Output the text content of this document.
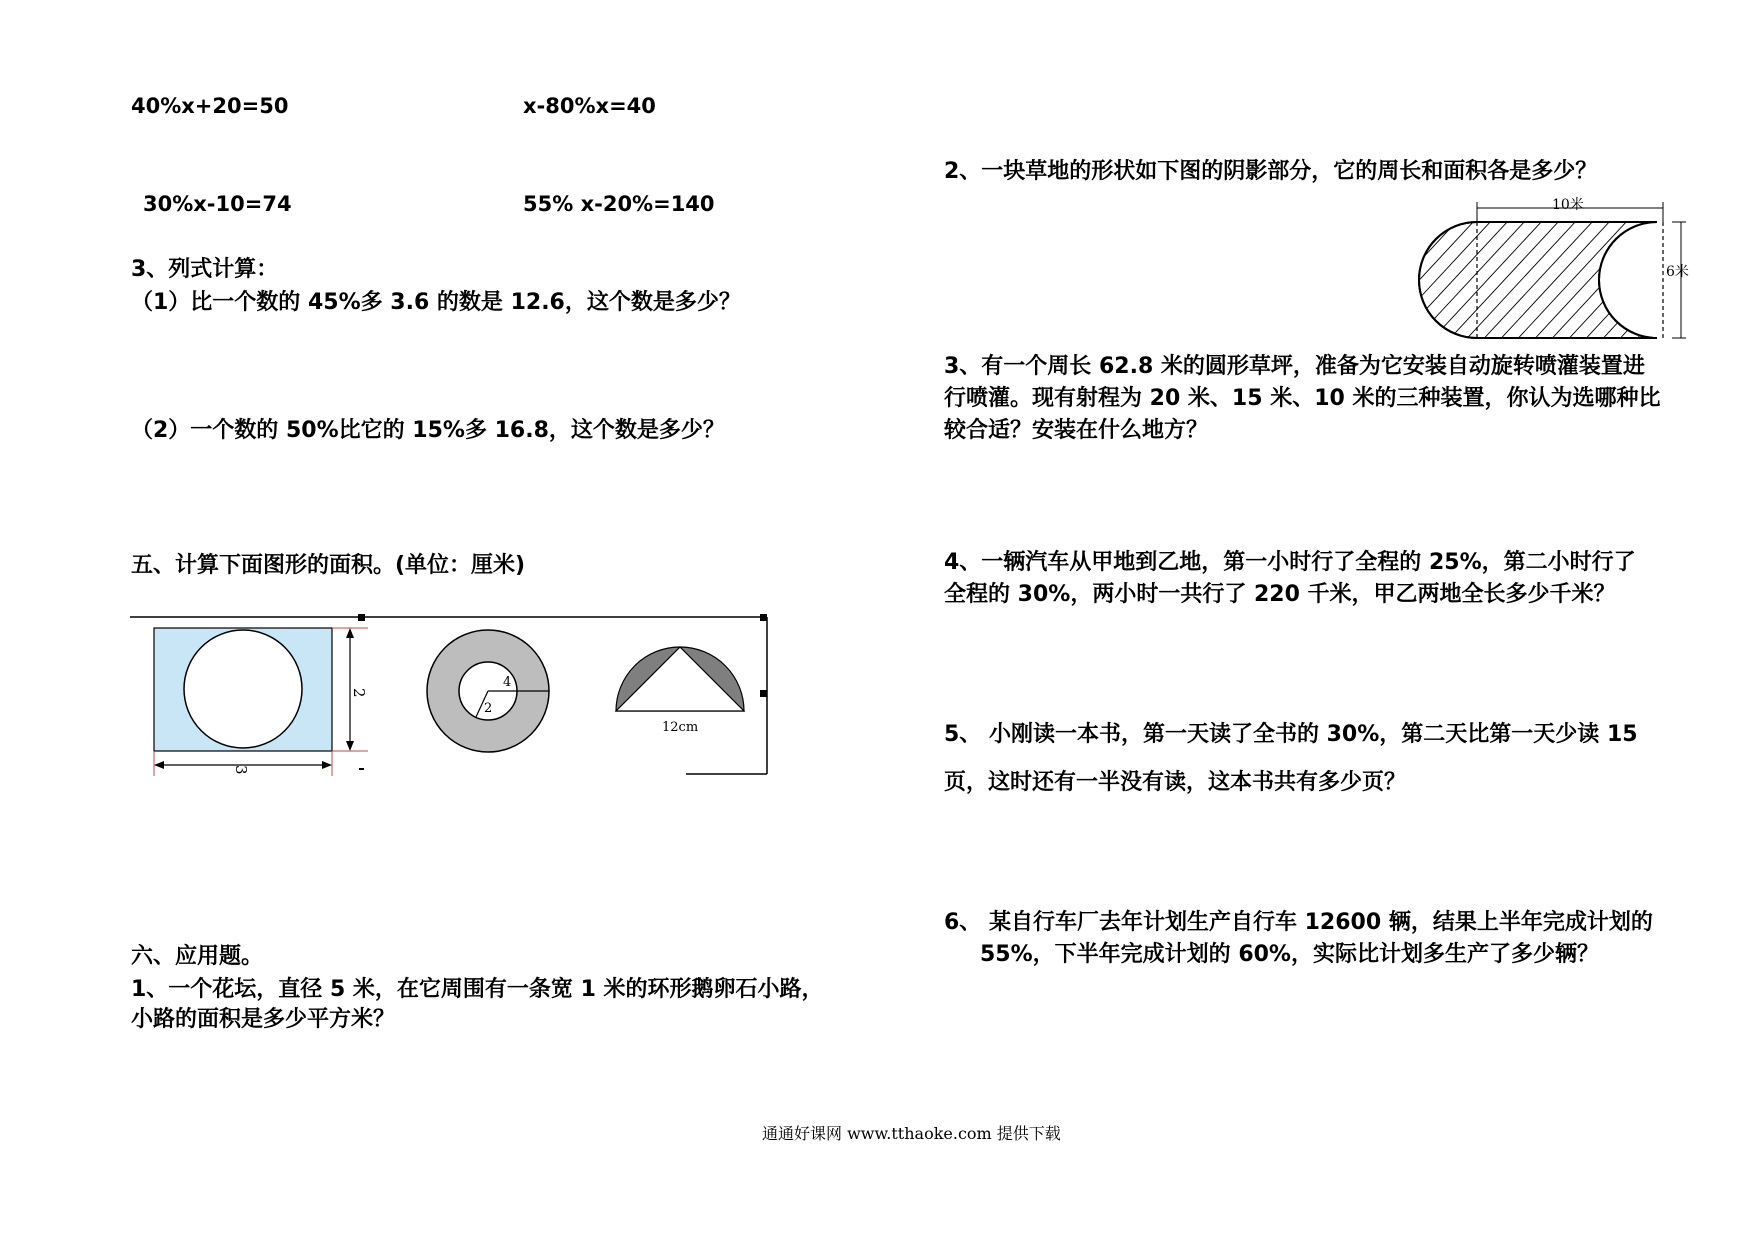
40%x+20=50	x-80%x=40
30%x-10=74	55% x-20%=140
3、列式计算：
（1）比一个数的 45%多 3.6 的数是 12.6，这个数是多少？
（2）一个数的 50%比它的 15%多 16.8，这个数是多少？
五、计算下面图形的面积。(单位：厘米)
2
3
4
2
12cm
六、应用题。
1、一个花坛，直径 5 米，在它周围有一条宽 1 米的环形鹅卵石小路，
小路的面积是多少平方米？
2、一块草地的形状如下图的阴影部分，它的周长和面积各是多少？
10米
6米
3、有一个周长 62.8 米的圆形草坪，准备为它安装自动旋转喷灌装置进
行喷灌。现有射程为 20 米、15 米、10 米的三种装置，你认为选哪种比
较合适？安装在什么地方？
4、一辆汽车从甲地到乙地，第一小时行了全程的 25%，第二小时行了
全程的 30%，两小时一共行了 220 千米，甲乙两地全长多少千米？
5、 小刚读一本书，第一天读了全书的 30%，第二天比第一天少读 15
页，这时还有一半没有读，这本书共有多少页？
6、 某自行车厂去年计划生产自行车 12600 辆，结果上半年完成计划的
55%，下半年完成计划的 60%，实际比计划多生产了多少辆？
通通好课网 www.tthaoke.com 提供下载
